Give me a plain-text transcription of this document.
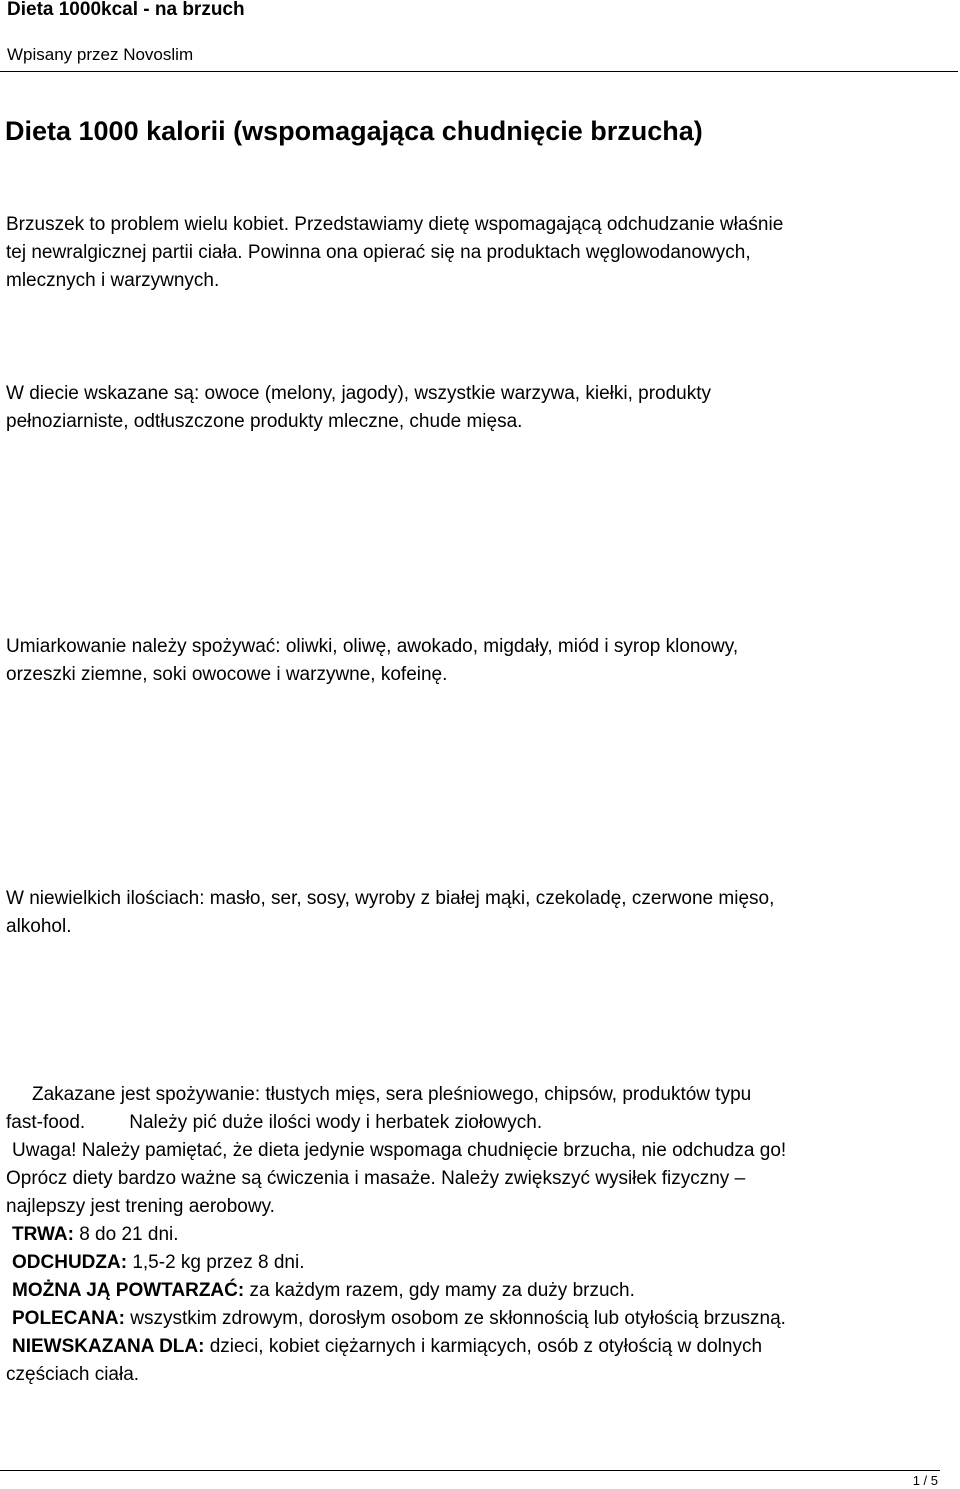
Dieta 1000kcal - na brzuch
Wpisany przez Novoslim
Dieta 1000 kalorii (wspomagająca chudnięcie brzucha)

Brzuszek to problem wielu kobiet. Przedstawiamy dietę wspomagającą odchudzanie właśnie
tej newralgicznej partii ciała. Powinna ona opierać się na produktach węglowodanowych,
mlecznych i warzywnych.

W diecie wskazane są: owoce (melony, jagody), wszystkie warzywa, kiełki, produkty
pełnoziarniste, odtłuszczone produkty mleczne, chude mięsa.

Umiarkowanie należy spożywać: oliwki, oliwę, awokado, migdały, miód i syrop klonowy,
orzeszki ziemne, soki owocowe i warzywne, kofeinę.

W niewielkich ilościach: masło, ser, sosy, wyroby z białej mąki, czekoladę, czerwone mięso,
alkohol.

Zakazane jest spożywanie: tłustych mięs, sera pleśniowego, chipsów, produktów typu
fast-food. Należy pić duże ilości wody i herbatek ziołowych.
Uwaga! Należy pamiętać, że dieta jedynie wspomaga chudnięcie brzucha, nie odchudza go!
Oprócz diety bardzo ważne są ćwiczenia i masaże. Należy zwiększyć wysiłek fizyczny –
najlepszy jest trening aerobowy.
TRWA: 8 do 21 dni.
ODCHUDZA: 1,5-2 kg przez 8 dni.
MOŻNA JĄ POWTARZAĆ: za każdym razem, gdy mamy za duży brzuch.
POLECANA: wszystkim zdrowym, dorosłym osobom ze skłonnością lub otyłością brzuszną.
NIEWSKAZANA DLA: dzieci, kobiet ciężarnych i karmiących, osób z otyłością w dolnych
częściach ciała.
1 / 5
